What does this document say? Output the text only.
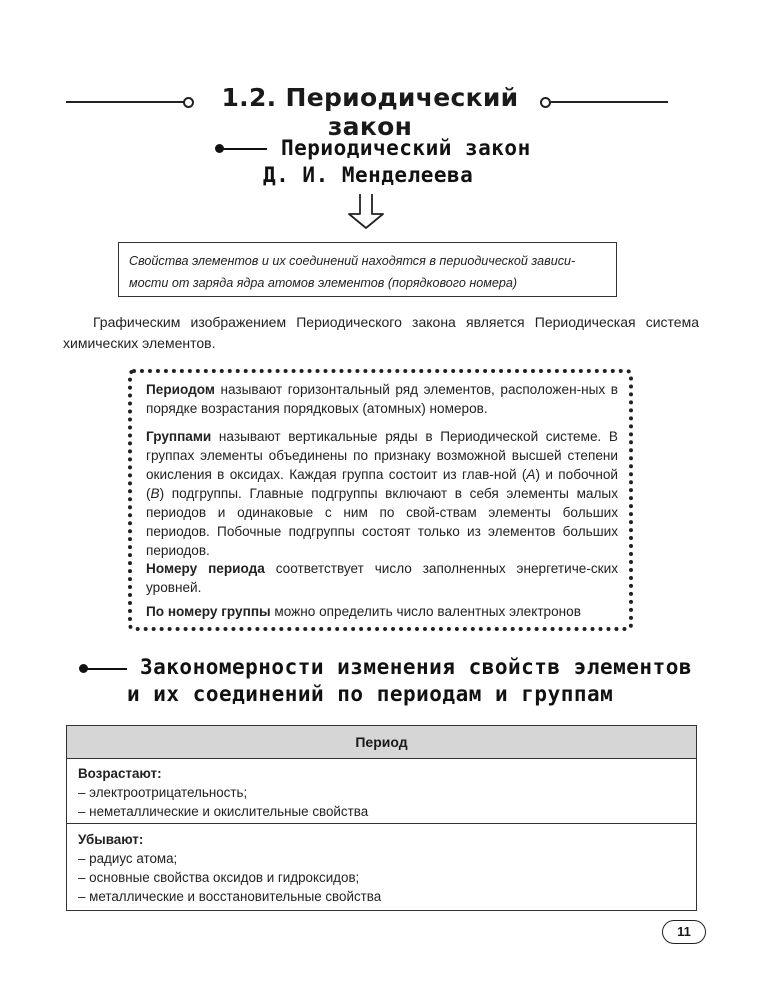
1.2. Периодический закон
Периодический закон
Д. И. Менделеева
Свойства элементов и их соединений находятся в периодической зависи-
мости от заряда ядра атомов элементов (порядкового номера)
Графическим изображением Периодического закона является Периодическая система химических элементов.
Периодом называют горизонтальный ряд элементов, расположен-ных в порядке возрастания порядковых (атомных) номеров.
Группами называют вертикальные ряды в Периодической системе. В группах элементы объединены по признаку возможной высшей степени окисления в оксидах. Каждая группа состоит из глав-ной (А) и побочной (В) подгруппы. Главные подгруппы включают в себя элементы малых периодов и одинаковые с ним по свой-ствам элементы больших периодов. Побочные подгруппы состоят только из элементов больших периодов.
Номеру периода соответствует число заполненных энергетиче-ских уровней.
По номеру группы можно определить число валентных электронов
Закономерности изменения свойств элементов
и их соединений по периодам и группам
Период
Возрастают:
– электроотрицательность;
– неметаллические и окислительные свойства
Убывают:
– радиус атома;
– основные свойства оксидов и гидроксидов;
– металлические и восстановительные свойства
11
